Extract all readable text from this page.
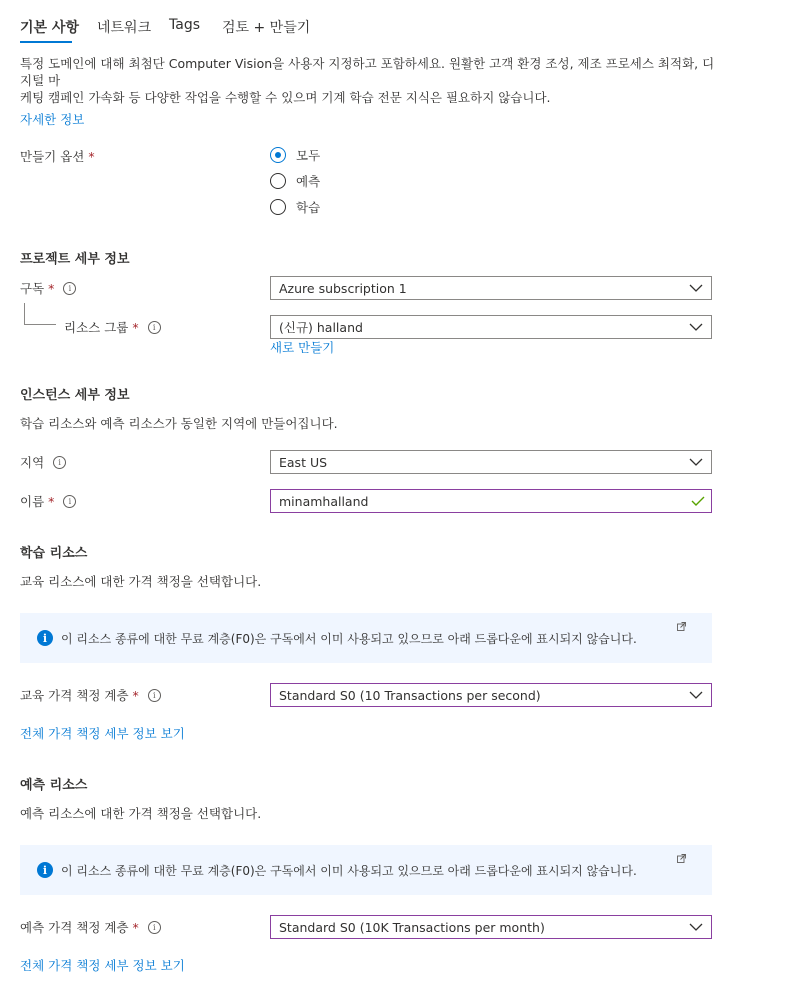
기본 사항 네트워크 Tags 검토 + 만들기
특정 도메인에 대해 최첨단 Computer Vision을 사용자 지정하고 포함하세요. 원활한 고객 환경 조성, 제조 프로세스 최적화, 디지털 마
케팅 캠페인 가속화 등 다양한 작업을 수행할 수 있으며 기계 학습 전문 지식은 필요하지 않습니다.
자세한 정보
만들기 옵션 *	모두
예측
학습
프로젝트 세부 정보
구독 *	i	Azure subscription 1
리소스 그룹 *	i	(신규) halland
새로 만들기
인스턴스 세부 정보
학습 리소스와 예측 리소스가 동일한 지역에 만들어집니다.
지역	i	East US
이름 *	i	minamhalland
학습 리소스
교육 리소스에 대한 가격 책정을 선택합니다.
i	이 리소스 종류에 대한 무료 계층(F0)은 구독에서 이미 사용되고 있으므로 아래 드롭다운에 표시되지 않습니다.
교육 가격 책정 계층 *	i	Standard S0 (10 Transactions per second)
전체 가격 책정 세부 정보 보기
예측 리소스
예측 리소스에 대한 가격 책정을 선택합니다.
i	이 리소스 종류에 대한 무료 계층(F0)은 구독에서 이미 사용되고 있으므로 아래 드롭다운에 표시되지 않습니다.
예측 가격 책정 계층 *	i	Standard S0 (10K Transactions per month)
전체 가격 책정 세부 정보 보기
